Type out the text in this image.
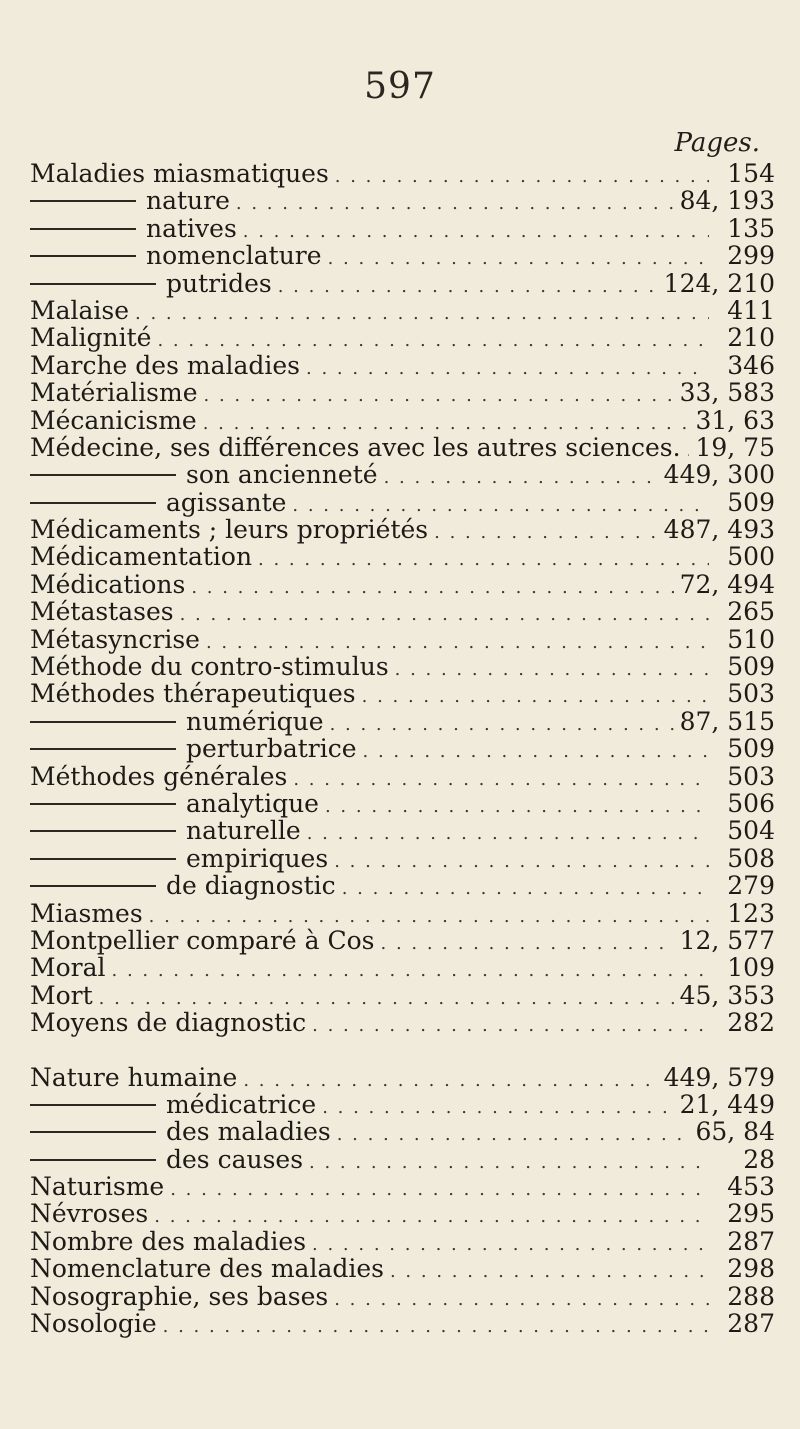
597
Pages.
Maladies miasmatiques . . .	154
nature . . .	84, 193
natives . . .	135
nomenclature . . .	299
putrides . . .	124, 210
Malaise . . .	411
Malignité . . .	210
Marche des maladies . . .	346
Matérialisme . . .	33, 583
Mécanicisme . . .	31, 63
Médecine, ses différences avec les autres sciences. . . . 19, 75
son ancienneté . . .	449, 300
agissante . . .	509
Médicaments ; leurs propriétés . . .	487, 493
Médicamentation . . .	500
Médications . . .	72, 494
Métastases . . .	265
Métasyncrise . . .	510
Méthode du contro-stimulus . . .	509
Méthodes thérapeutiques . . .	503
numérique . . .	87, 515
perturbatrice . . .	509
Méthodes générales . . .	503
analytique . . .	506
naturelle . . .	504
empiriques . . .	508
de diagnostic . . .	279
Miasmes . . .	123
Montpellier comparé à Cos . . .	12, 577
Moral . . .	109
Mort . . .	45, 353
Moyens de diagnostic . . .	282
Nature humaine . . .	449, 579
médicatrice . . .	21, 449
des maladies . . .	65, 84
des causes . . .	28
Naturisme . . .	453
Névroses . . .	295
Nombre des maladies . . .	287
Nomenclature des maladies . . .	298
Nosographie, ses bases . . .	288
Nosologie . . .	287
